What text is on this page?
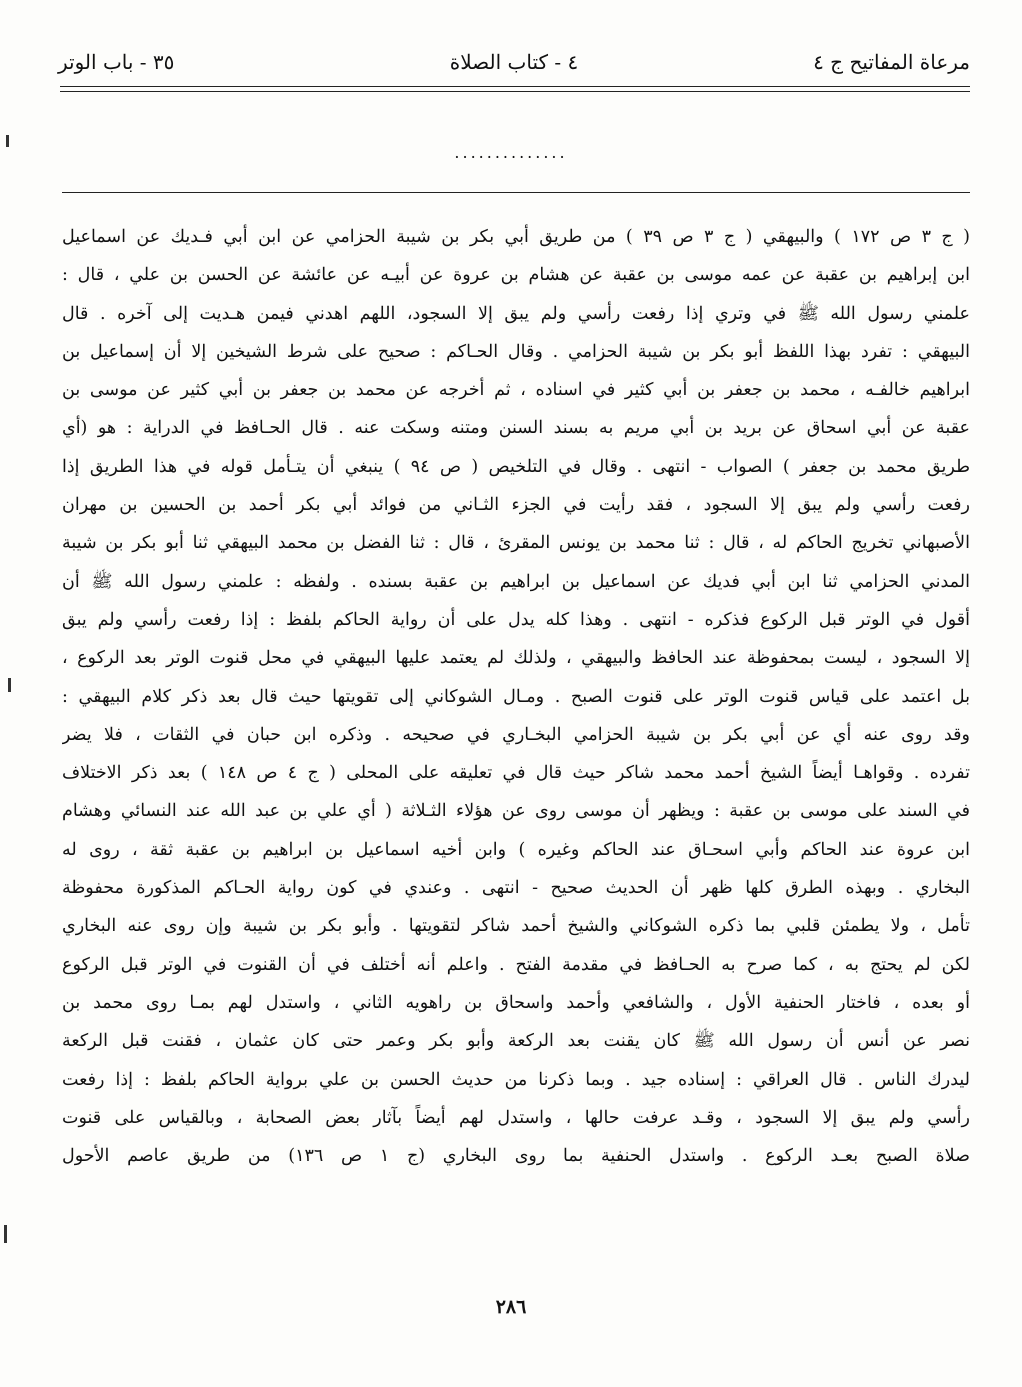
مرعاة المفاتيح ج ٤
٤ - كتاب الصلاة
٣٥ - باب الوتر
..............
( ج ٣ ص ١٧٢ ) والبيهقي ( ج ٣ ص ٣٩ ) من طريق أبي بكر بن شيبة الحزامي عن ابن أبي فـديك عن اسماعيل
ابن إبراهيم بن عقبة عن عمه موسى بن عقبة عن هشام بن عروة عن أبيـه عن عائشة عن الحسن بن علي ، قال :
علمني رسول الله ﷺ في وتري إذا رفعت رأسي ولم يبق إلا السجود، اللهم اهدني فيمن هـديت إلى آخره . قال
البيهقي : تفرد بهذا اللفظ أبو بكر بن شيبة الحزامي . وقال الحـاكم : صحيح على شرط الشيخين إلا أن إسماعيل بن
ابراهيم خالفـه ، محمد بن جعفر بن أبي كثير في اسناده ، ثم أخرجه عن محمد بن جعفر بن أبي كثير عن موسى بن
عقبة عن أبي اسحاق عن بريد بن أبي مريم به بسند السنن ومتنه وسكت عنه . قال الحـافظ في الدراية : هو (أي
طريق محمد بن جعفر ) الصواب - انتهى . وقال في التلخيص ( ص ٩٤ ) ينبغي أن يتـأمل قوله في هذا الطريق إذا
رفعت رأسي ولم يبق إلا السجود ، فقد رأيت في الجزء الثـاني من فوائد أبي بكر أحمد بن الحسين بن مهران
الأصبهاني تخريج الحاكم له ، قال : ثنا محمد بن يونس المقرئ ، قال : ثنا الفضل بن محمد البيهقي ثنا أبو بكر بن شيبة
المدني الحزامي ثنا ابن أبي فديك عن اسماعيل بن ابراهيم بن عقبة بسنده . ولفظه : علمني رسول الله ﷺ أن
أقول في الوتر قبل الركوع فذكره - انتهى . وهذا كله يدل على أن رواية الحاكم بلفظ : إذا رفعت رأسي ولم يبق
إلا السجود ، ليست بمحفوظة عند الحافظ والبيهقي ، ولذلك لم يعتمد عليها البيهقي في محل قنوت الوتر بعد الركوع ،
بل اعتمد على قياس قنوت الوتر على قنوت الصبح . ومـال الشوكاني إلى تقويتها حيث قال بعد ذكر كلام البيهقي :
وقد روى عنه أي عن أبي بكر بن شيبة الحزامي البخـاري في صحيحه . وذكره ابن حبان في الثقات ، فلا يضر
تفرده . وقواهـا أيضاً الشيخ أحمد محمد شاكر حيث قال في تعليقه على المحلى ( ج ٤ ص ١٤٨ ) بعد ذكر الاختلاف
في السند على موسى بن عقبة : ويظهر أن موسى روى عن هؤلاء الثـلاثة ( أي علي بن عبد الله عند النسائي وهشام
ابن عروة عند الحاكم وأبي اسحـاق عند الحاكم وغيره ) وابن أخيه اسماعيل بن ابراهيم بن عقبة ثقة ، روى له
البخاري . وبهذه الطرق كلها ظهر أن الحديث صحيح - انتهى . وعندي في كون رواية الحـاكم المذكورة محفوظة
تأمل ، ولا يطمئن قلبي بما ذكره الشوكاني والشيخ أحمد شاكر لتقويتها . وأبو بكر بن شيبة وإن روى عنه البخاري
لكن لم يحتج به ، كما صرح به الحـافظ في مقدمة الفتح . واعلم أنه أختلف في أن القنوت في الوتر قبل الركوع
أو بعده ، فاختار الحنفية الأول ، والشافعي وأحمد واسحاق بن راهويه الثاني ، واستدل لهم بمـا روى محمد بن
نصر عن أنس أن رسول الله ﷺ كان يقنت بعد الركعة وأبو بكر وعمر حتى كان عثمان ، فقنت قبل الركعة
ليدرك الناس . قال العراقي : إسناده جيد . وبما ذكرنا من حديث الحسن بن علي برواية الحاكم بلفظ : إذا رفعت
رأسي ولم يبق إلا السجود ، وقـد عرفت حالها ، واستدل لهم أيضاً بآثار بعض الصحابة ، وبالقياس على قنوت
صلاة الصبح بعـد الركوع . واستدل الحنفية بما روى البخاري (ج ١ ص ١٣٦) من طريق عاصم الأحول
٢٨٦
